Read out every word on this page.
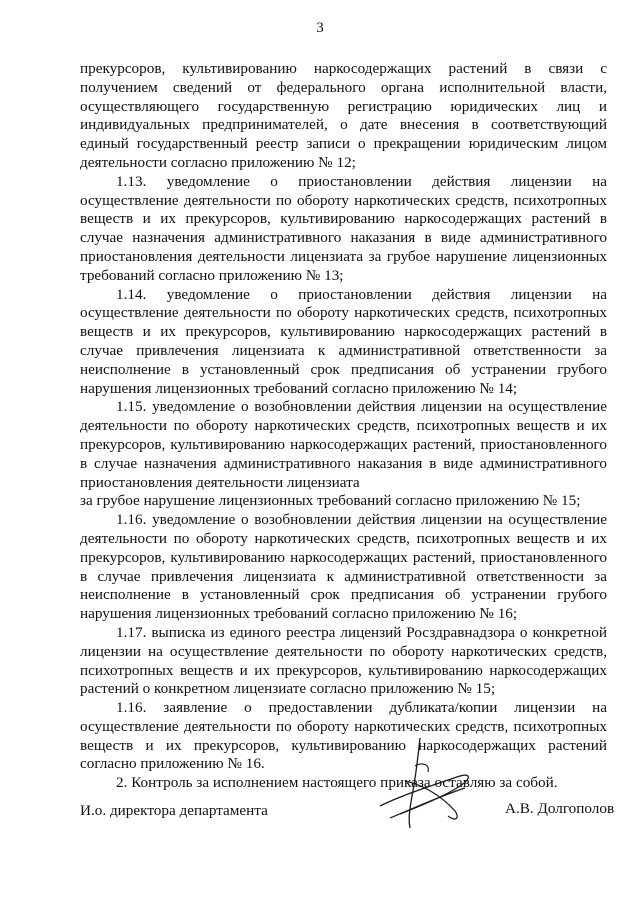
3

прекурсоров, культивированию наркосодержащих растений в связи с получением сведений от федерального органа исполнительной власти, осуществляющего государственную регистрацию юридических лиц и индивидуальных предпринимателей, о дате внесения в соответствующий единый государственный реестр записи о прекращении юридическим лицом деятельности согласно приложению № 12;

1.13. уведомление о приостановлении действия лицензии на осуществление деятельности по обороту наркотических средств, психотропных веществ и их прекурсоров, культивированию наркосодержащих растений в случае назначения административного наказания в виде административного приостановления деятельности лицензиата за грубое нарушение лицензионных требований согласно приложению № 13;

1.14. уведомление о приостановлении действия лицензии на осуществление деятельности по обороту наркотических средств, психотропных веществ и их прекурсоров, культивированию наркосодержащих растений в случае привлечения лицензиата к административной ответственности за неисполнение в установленный срок предписания об устранении грубого нарушения лицензионных требований согласно приложению № 14;

1.15. уведомление о возобновлении действия лицензии на осуществление деятельности по обороту наркотических средств, психотропных веществ и их прекурсоров, культивированию наркосодержащих растений, приостановленного в случае назначения административного наказания в виде административного приостановления деятельности лицензиата

за грубое нарушение лицензионных требований согласно приложению № 15;

1.16. уведомление о возобновлении действия лицензии на осуществление деятельности по обороту наркотических средств, психотропных веществ и их прекурсоров, культивированию наркосодержащих растений, приостановленного в случае привлечения лицензиата к административной ответственности за неисполнение в установленный срок предписания об устранении грубого нарушения лицензионных требований согласно приложению № 16;

1.17. выписка из единого реестра лицензий Росздравнадзора о конкретной лицензии на осуществление деятельности по обороту наркотических средств, психотропных веществ и их прекурсоров, культивированию наркосодержащих растений о конкретном лицензиате согласно приложению № 15;

1.16. заявление о предоставлении дубликата/копии лицензии на осуществление деятельности по обороту наркотических средств, психотропных веществ и их прекурсоров, культивированию наркосодержащих растений согласно приложению № 16.

2. Контроль за исполнением настоящего приказа оставляю за собой.

И.о. директора департамента	А.В. Долгополов
